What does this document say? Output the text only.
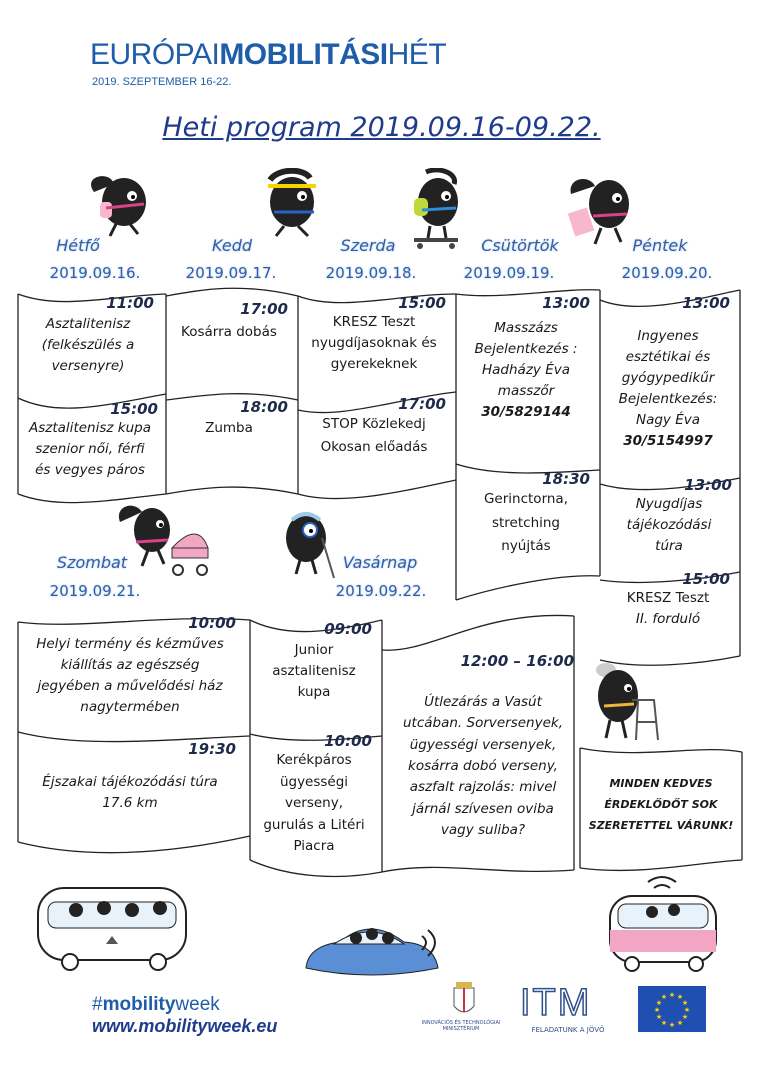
EURÓPAIMOBILITÁSIHÉT
2019. SZEPTEMBER 16-22.
Heti program 2019.09.16-09.22.
Hétfő
2019.09.16.
Kedd
2019.09.17.
Szerda
2019.09.18.
Csütörtök
2019.09.19.
Péntek
2019.09.20.
Szombat
2019.09.21.
Vasárnap
2019.09.22.
11:00
Asztalitenisz
(felkészülés a
versenyre)
15:00
Asztalitenisz kupa
szenior női, férfi
és vegyes páros
17:00
Kosárra dobás
18:00
Zumba
15:00
KRESZ Teszt
nyugdíjasoknak és
gyerekeknek
17:00
STOP Közlekedj
Okosan előadás
13:00
Masszázs
Bejelentkezés :
Hadházy Éva
masszőr
30/5829144
18:30
Gerinctorna,
stretching
nyújtás
13:00
Ingyenes
esztétikai és
gyógypedikűr
Bejelentkezés:
Nagy Éva
30/5154997
13:00
Nyugdíjas
tájékozódási
túra
15:00
KRESZ Teszt
II. forduló
10:00
Helyi termény és kézműves
kiállítás az egészség
jegyében a művelődési ház
nagytermében
19:30
Éjszakai tájékozódási túra
17.6 km
09:00
Junior
asztalitenisz
kupa
10:00
Kerékpáros
ügyességi
verseny,
gurulás a Litéri
Piacra
12:00 – 16:00
Útlezárás a Vasút
utcában. Sorversenyek,
ügyességi versenyek,
kosárra dobó verseny,
aszfalt rajzolás: mivel
járnál szívesen oviba
vagy suliba?
MINDEN KEDVES
ÉRDEKLŐDŐT SOK
SZERETETTEL VÁRUNK!
#mobilityweek
www.mobilityweek.eu	INNOVÁCIÓS ÉS TECHNOLÓGIAI
MINISZTÉRIUM
ITM
FELADATUNK A JÖVŐ
★ ★
★
★
★
★
★
★
★
★
★
★
